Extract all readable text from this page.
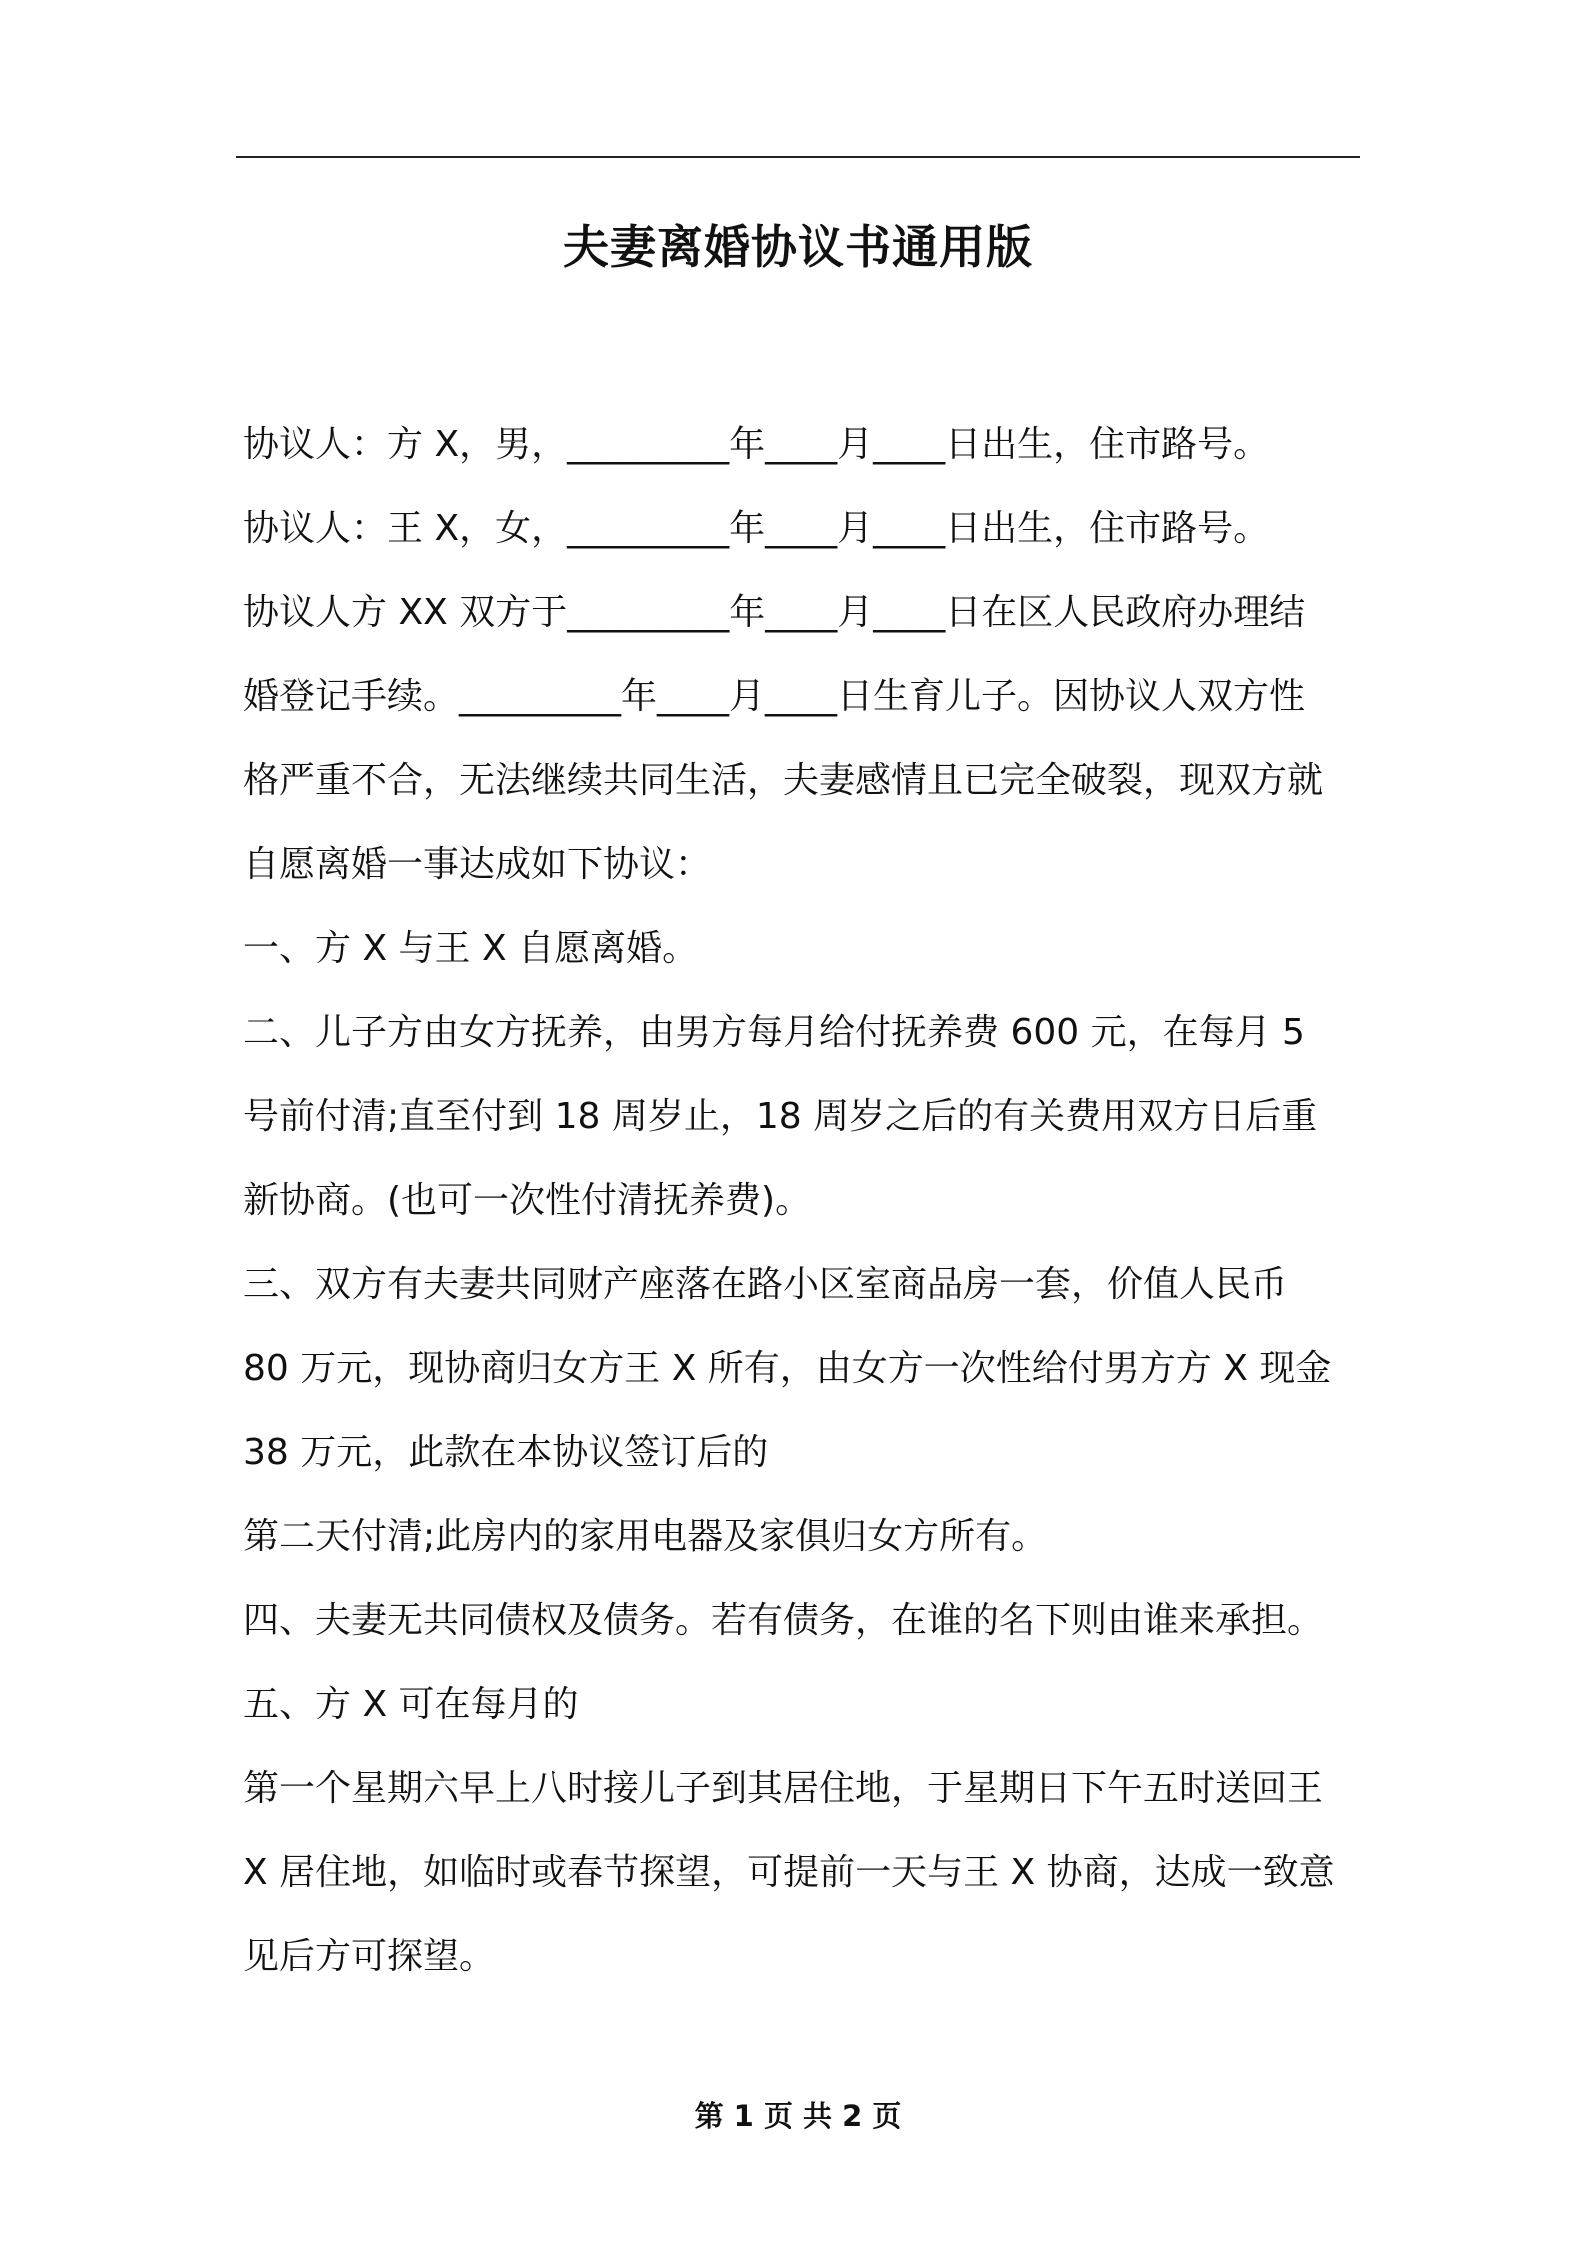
夫妻离婚协议书通用版
协议人：方 X，男，_________年____月____日出生，住市路号。
协议人：王 X，女，_________年____月____日出生，住市路号。
协议人方 XX 双方于_________年____月____日在区人民政府办理结
婚登记手续。_________年____月____日生育儿子。因协议人双方性
格严重不合，无法继续共同生活，夫妻感情且已完全破裂，现双方就
自愿离婚一事达成如下协议：
一、方 X 与王 X 自愿离婚。
二、儿子方由女方抚养，由男方每月给付抚养费 600 元，在每月 5
号前付清;直至付到 18 周岁止，18 周岁之后的有关费用双方日后重
新协商。(也可一次性付清抚养费)。
三、双方有夫妻共同财产座落在路小区室商品房一套，价值人民币
80 万元，现协商归女方王 X 所有，由女方一次性给付男方方 X 现金
38 万元，此款在本协议签订后的
第二天付清;此房内的家用电器及家俱归女方所有。
四、夫妻无共同债权及债务。若有债务，在谁的名下则由谁来承担。
五、方 X 可在每月的
第一个星期六早上八时接儿子到其居住地，于星期日下午五时送回王
X 居住地，如临时或春节探望，可提前一天与王 X 协商，达成一致意
见后方可探望。
第 1 页 共 2 页
